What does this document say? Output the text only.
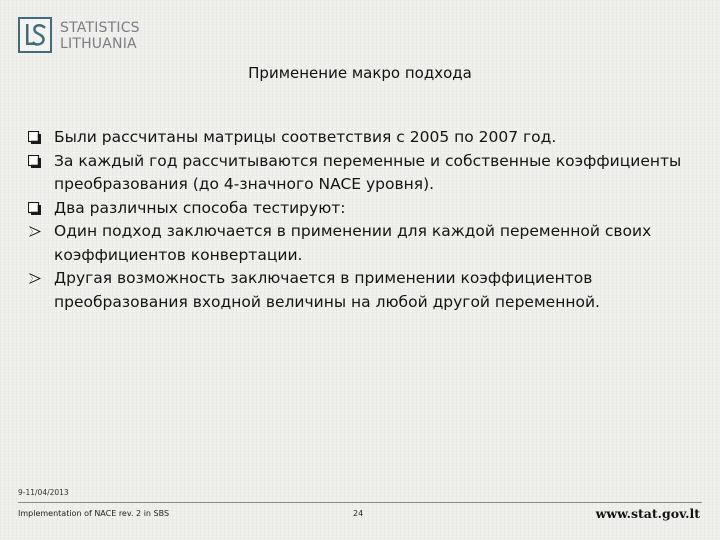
STATISTICS
LITHUANIA
Применение макро подхода
Были рассчитаны матрицы соответствия с 2005 по 2007 год.
За каждый год рассчитываются переменные и собственные коэффициенты преобразования (до 4-значного NACE уровня).
Два различных способа тестируют:
Один подход заключается в применении для каждой переменной своих коэффициентов конвертации.
Другая возможность заключается в применении коэффициентов преобразования входной величины на любой другой переменной.
9-11/04/2013
Implementation of NACE rev. 2 in SBS	24	www.stat.gov.lt
